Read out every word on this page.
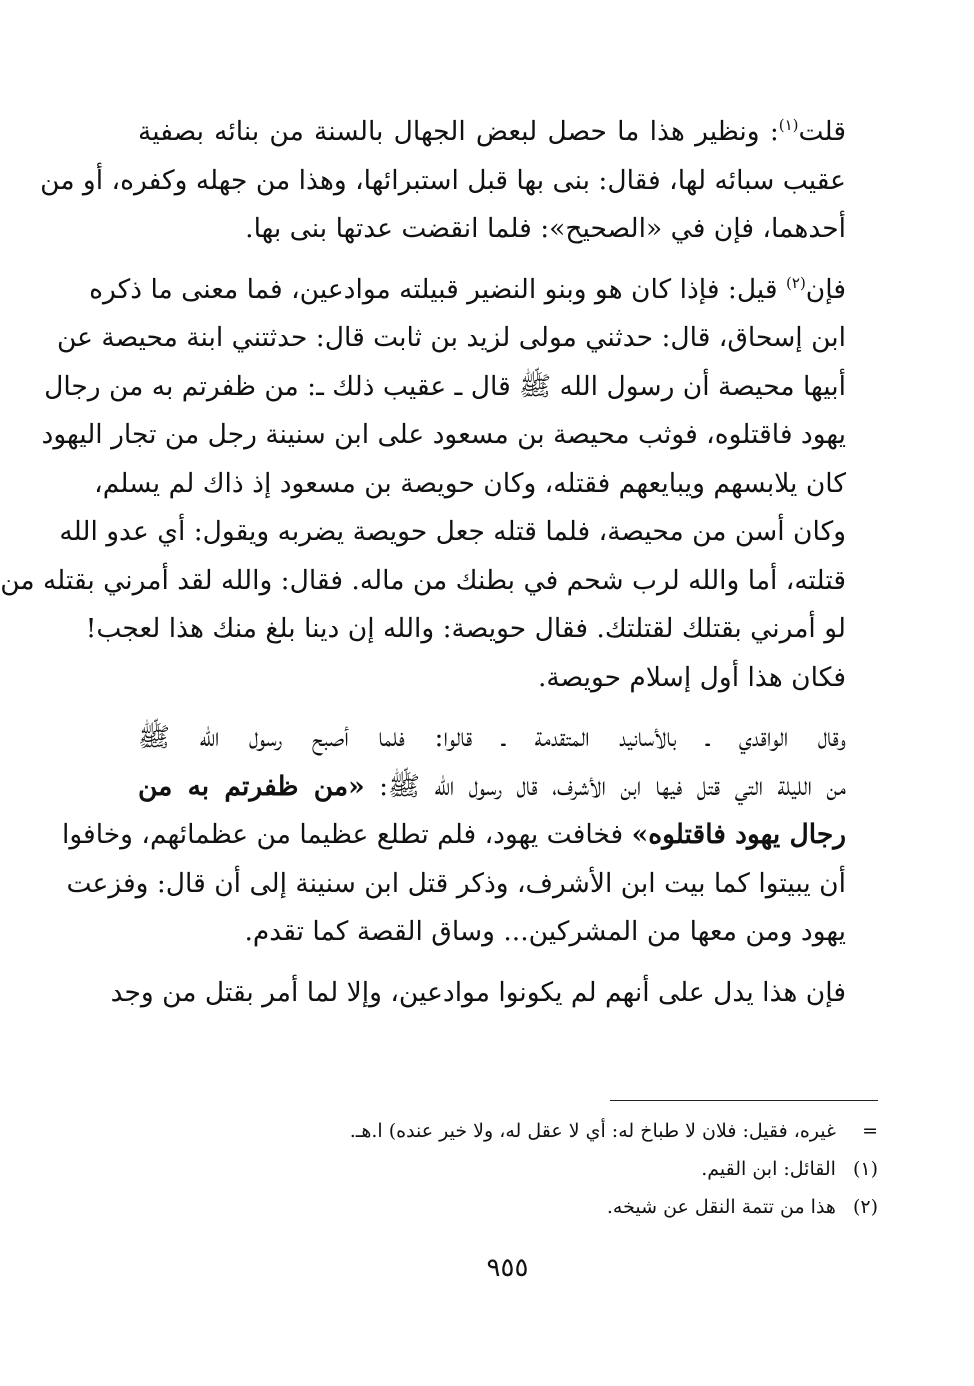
قلت$^{(١)}$: ونظير هذا ما حصل لبعض الجهال بالسنة من بنائه بصفية
عقيب سبائه لها، فقال: بنى بها قبل استبرائها، وهذا من جهله وكفره، أو من
أحدهما، فإن في «الصحيح»: فلما انقضت عدتها بنى بها.
فإن$^{(٢)}$ قيل: فإذا كان هو وبنو النضير قبيلته موادعين، فما معنى ما ذكره
ابن إسحاق، قال: حدثني مولى لزيد بن ثابت قال: حدثتني ابنة محيصة عن
أبيها محيصة أن رسول الله ﷺ قال ـ عقيب ذلك ـ: من ظفرتم به من رجال
يهود فاقتلوه، فوثب محيصة بن مسعود على ابن سنينة رجل من تجار اليهود
كان يلابسهم ويبايعهم فقتله، وكان حويصة بن مسعود إذ ذاك لم يسلم،
وكان أسن من محيصة، فلما قتله جعل حويصة يضربه ويقول: أي عدو الله
قتلته، أما والله لرب شحم في بطنك من ماله. فقال: والله لقد أمرني بقتله من
لو أمرني بقتلك لقتلتك. فقال حويصة: والله إن دينا بلغ منك هذا لعجب!
فكان هذا أول إسلام حويصة.
وقال الواقدي ـ بالأسانيد المتقدمة ـ قالوا: فلما أصبح رسول الله ﷺ
من الليلة التي قتل فيها ابن الأشرف، قال رسول الله ﷺ: «من ظفرتم به من
رجال يهود فاقتلوه» فخافت يهود، فلم تطلع عظيما من عظمائهم، وخافوا
أن يبيتوا كما بيت ابن الأشرف، وذكر قتل ابن سنينة إلى أن قال: وفزعت
يهود ومن معها من المشركين... وساق القصة كما تقدم.
فإن هذا يدل على أنهم لم يكونوا موادعين، وإلا لما أمر بقتل من وجد
= غيره، فقيل: فلان لا طباخ له: أي لا عقل له، ولا خير عنده) ا.هـ.
(١) القائل: ابن القيم.
(٢) هذا من تتمة النقل عن شيخه.
٩٥٥
